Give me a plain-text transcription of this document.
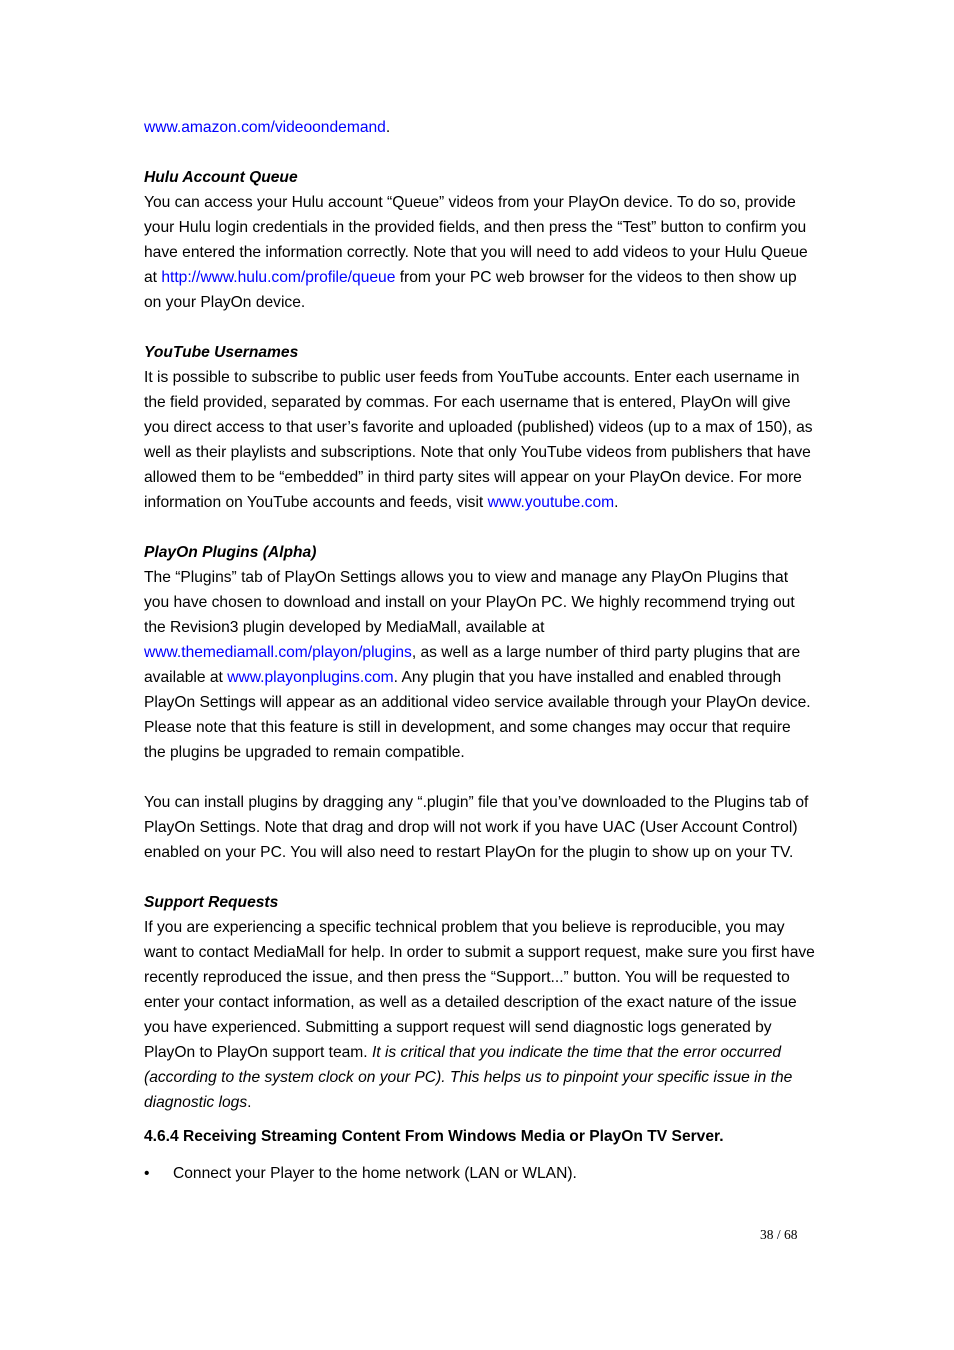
www.amazon.com/videoondemand.

Hulu Account Queue

You can access your Hulu account “Queue” videos from your PlayOn device. To do so, provide your Hulu login credentials in the provided fields, and then press the “Test” button to confirm you have entered the information correctly. Note that you will need to add videos to your Hulu Queue at http://www.hulu.com/profile/queue from your PC web browser for the videos to then show up on your PlayOn device.

YouTube Usernames

It is possible to subscribe to public user feeds from YouTube accounts. Enter each username in the field provided, separated by commas. For each username that is entered, PlayOn will give you direct access to that user’s favorite and uploaded (published) videos (up to a max of 150), as well as their playlists and subscriptions. Note that only YouTube videos from publishers that have allowed them to be “embedded” in third party sites will appear on your PlayOn device. For more information on YouTube accounts and feeds, visit www.youtube.com.

PlayOn Plugins (Alpha)

The “Plugins” tab of PlayOn Settings allows you to view and manage any PlayOn Plugins that you have chosen to download and install on your PlayOn PC. We highly recommend trying out the Revision3 plugin developed by MediaMall, available at www.themediamall.com/playon/plugins, as well as a large number of third party plugins that are available at www.playonplugins.com. Any plugin that you have installed and enabled through PlayOn Settings will appear as an additional video service available through your PlayOn device. Please note that this feature is still in development, and some changes may occur that require the plugins be upgraded to remain compatible.

You can install plugins by dragging any “.plugin” file that you’ve downloaded to the Plugins tab of PlayOn Settings. Note that drag and drop will not work if you have UAC (User Account Control) enabled on your PC. You will also need to restart PlayOn for the plugin to show up on your TV.

Support Requests

If you are experiencing a specific technical problem that you believe is reproducible, you may want to contact MediaMall for help. In order to submit a support request, make sure you first have recently reproduced the issue, and then press the “Support...” button. You will be requested to enter your contact information, as well as a detailed description of the exact nature of the issue you have experienced. Submitting a support request will send diagnostic logs generated by PlayOn to PlayOn support team. It is critical that you indicate the time that the error occurred (according to the system clock on your PC). This helps us to pinpoint your specific issue in the diagnostic logs.

4.6.4 Receiving Streaming Content From Windows Media or PlayOn TV Server.

• Connect your Player to the home network (LAN or WLAN).
38 / 68
